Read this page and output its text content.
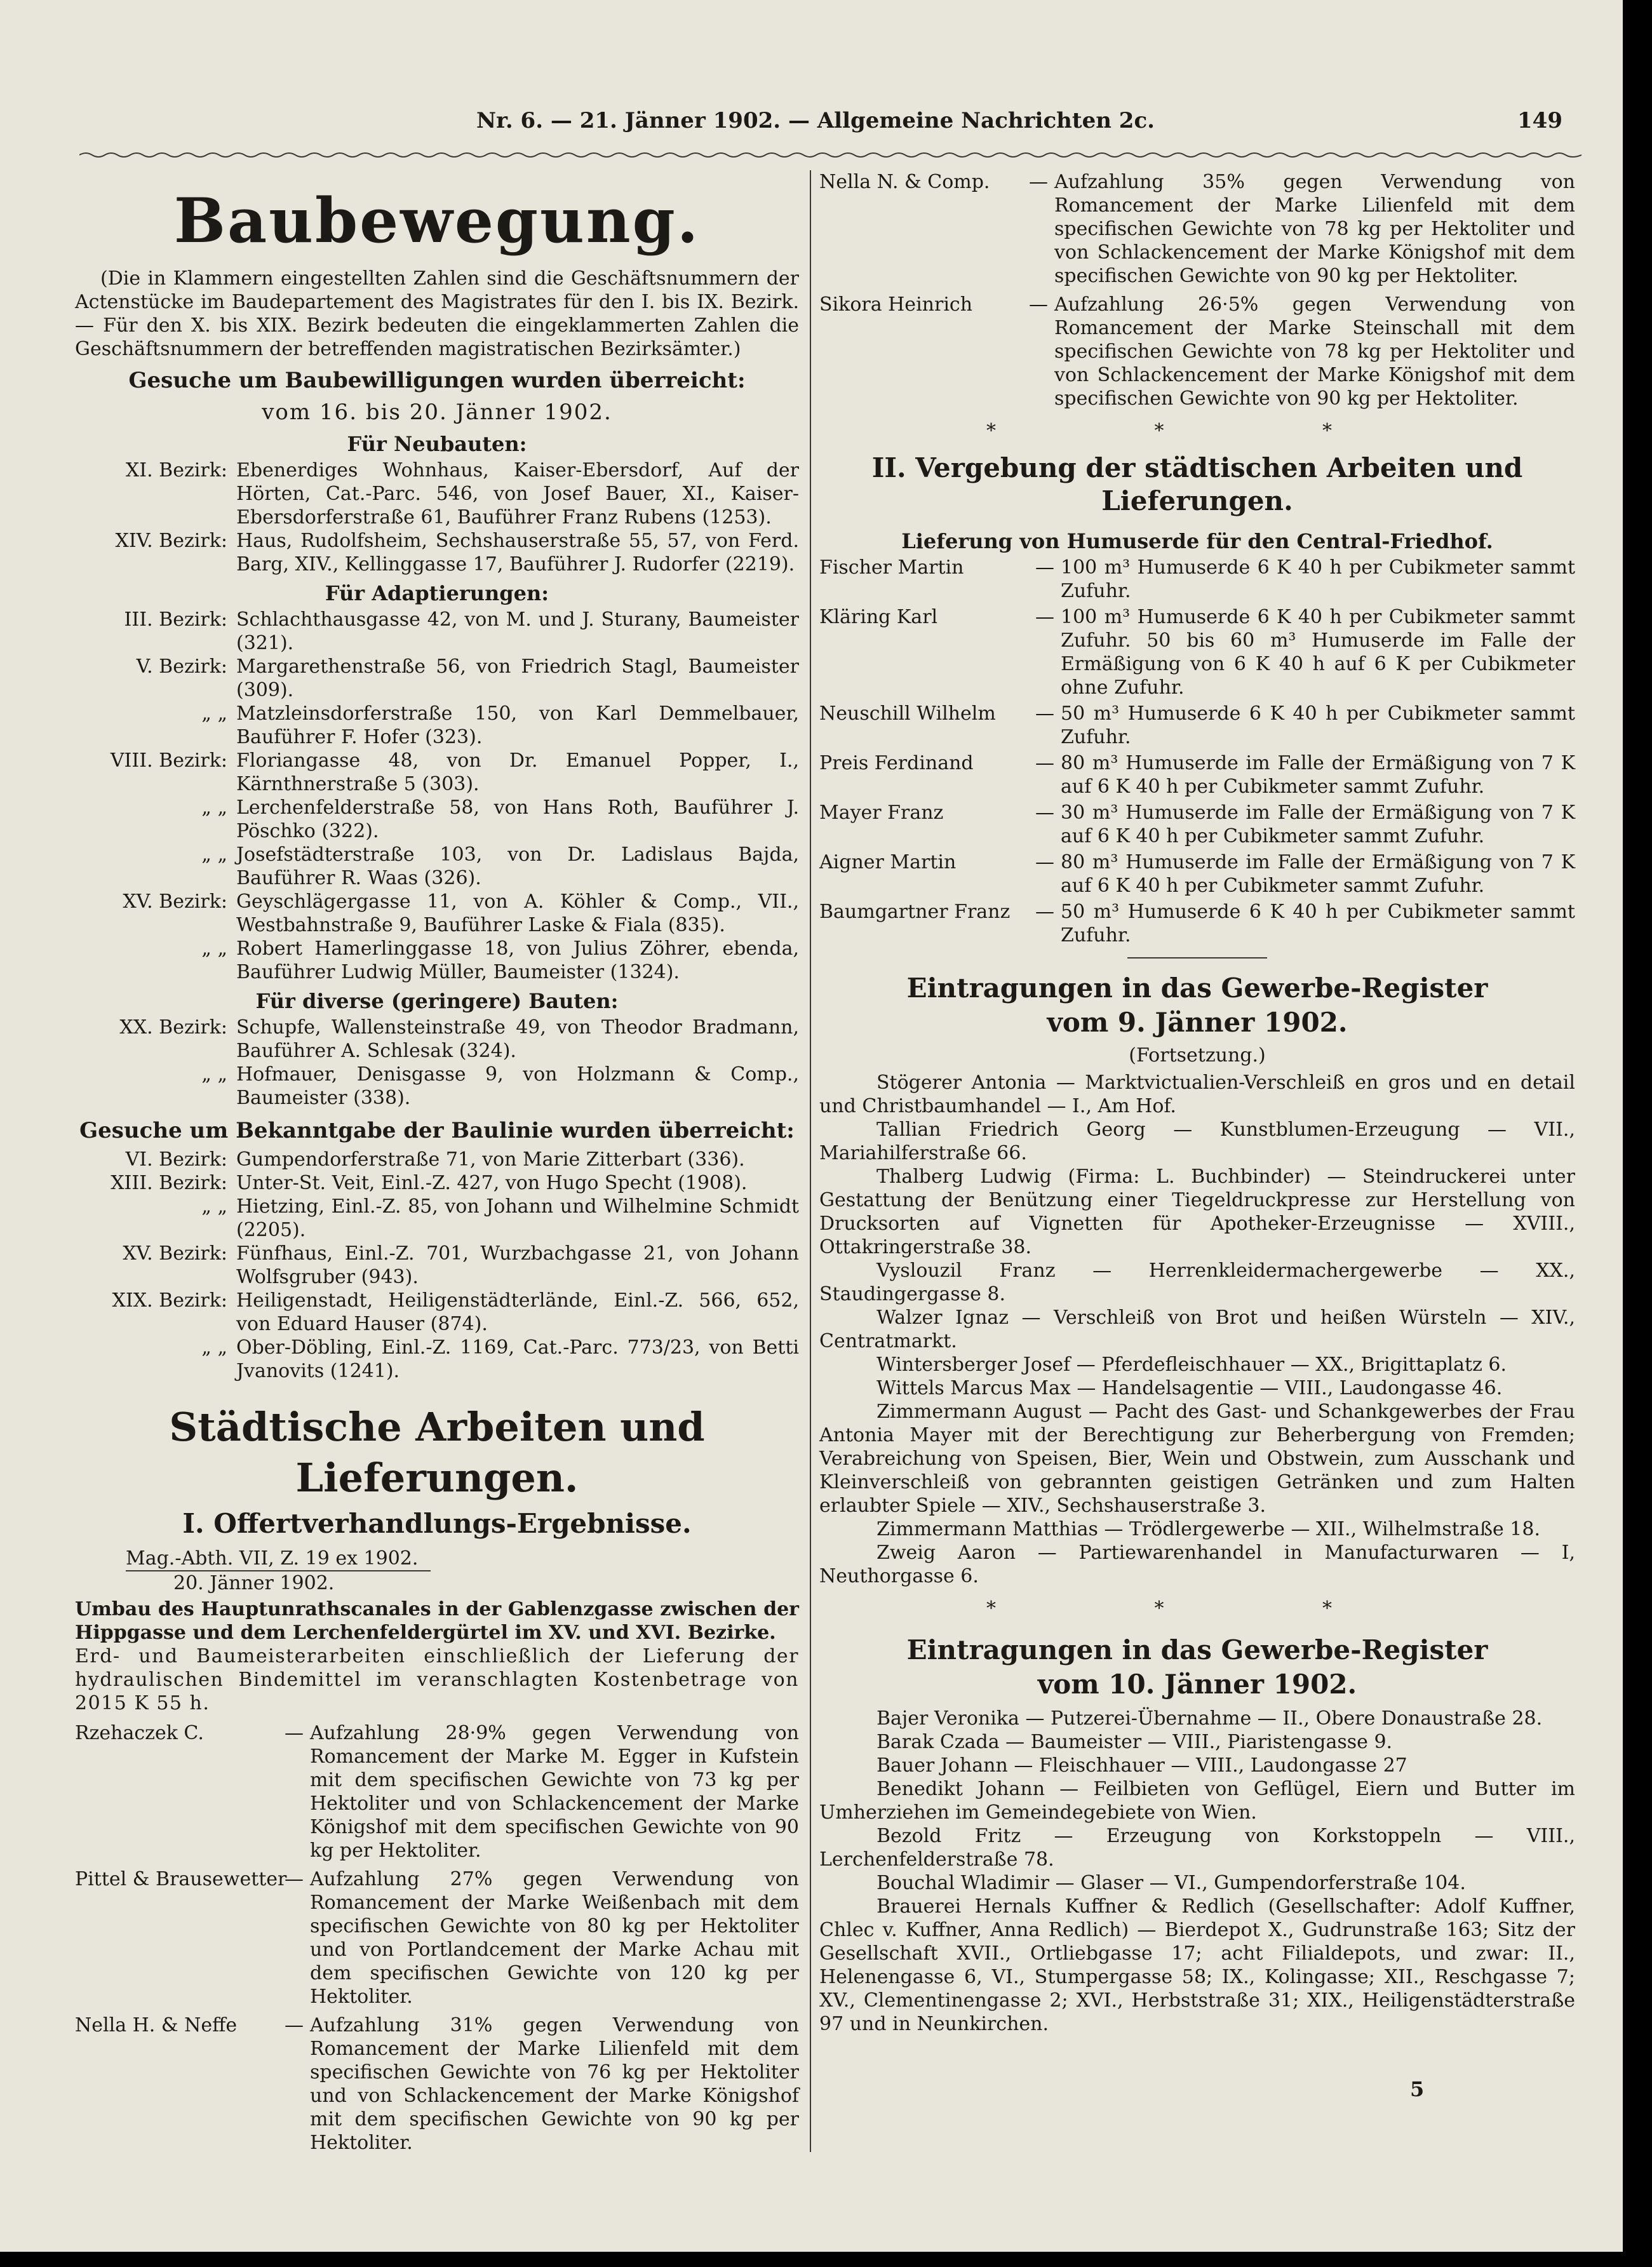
Nr. 6. — 21. Jänner 1902. — Allgemeine Nachrichten 2c.	149
Baubewegung.
(Die in Klammern eingestellten Zahlen sind die Geschäftsnummern der Actenstücke im Baudepartement des Magistrates für den I. bis IX. Bezirk. — Für den X. bis XIX. Bezirk bedeuten die eingeklammerten Zahlen die Geschäftsnummern der betreffenden magistratischen Bezirksämter.)
Gesuche um Baubewilligungen wurden überreicht:
vom 16. bis 20. Jänner 1902.
Für Neubauten:
XI. Bezirk: Ebenerdiges Wohnhaus, Kaiser-Ebersdorf, Auf der Hörten, Cat.-Parc. 546, von Josef Bauer, XI., Kaiser-Ebersdorferstraße 61, Bauführer Franz Rubens (1253).
XIV. Bezirk: Haus, Rudolfsheim, Sechshauserstraße 55, 57, von Ferd. Barg, XIV., Kellinggasse 17, Bauführer J. Rudorfer (2219).
Für Adaptierungen:
III. Bezirk: Schlachthausgasse 42, von M. und J. Sturany, Baumeister (321).
V. Bezirk: Margarethenstraße 56, von Friedrich Stagl, Baumeister (309).
„ „ Matzleinsdorferstraße 150, von Karl Demmelbauer, Bauführer F. Hofer (323).
VIII. Bezirk: Floriangasse 48, von Dr. Emanuel Popper, I., Kärnthnerstraße 5 (303).
„ „ Lerchenfelderstraße 58, von Hans Roth, Bauführer J. Pöschko (322).
„ „ Josefstädterstraße 103, von Dr. Ladislaus Bajda, Bauführer R. Waas (326).
XV. Bezirk: Geyschlägergasse 11, von A. Köhler & Comp., VII., Westbahnstraße 9, Bauführer Laske & Fiala (835).
„ „ Robert Hamerlinggasse 18, von Julius Zöhrer, ebenda, Bauführer Ludwig Müller, Baumeister (1324).
Für diverse (geringere) Bauten:
XX. Bezirk: Schupfe, Wallensteinstraße 49, von Theodor Bradmann, Bauführer A. Schlesak (324).
„ „ Hofmauer, Denisgasse 9, von Holzmann & Comp., Baumeister (338).
Gesuche um Bekanntgabe der Baulinie wurden überreicht:
VI. Bezirk: Gumpendorferstraße 71, von Marie Zitterbart (336).
XIII. Bezirk: Unter-St. Veit, Einl.-Z. 427, von Hugo Specht (1908).
„ „ Hietzing, Einl.-Z. 85, von Johann und Wilhelmine Schmidt (2205).
XV. Bezirk: Fünfhaus, Einl.-Z. 701, Wurzbachgasse 21, von Johann Wolfsgruber (943).
XIX. Bezirk: Heiligenstadt, Heiligenstädterlände, Einl.-Z. 566, 652, von Eduard Hauser (874).
„ „ Ober-Döbling, Einl.-Z. 1169, Cat.-Parc. 773/23, von Betti Jvanovits (1241).
Städtische Arbeiten und Lieferungen.
I. Offertverhandlungs-Ergebnisse.
Mag.-Abth. VII, Z. 19 ex 1902.
20. Jänner 1902.
Umbau des Hauptunrathscanales in der Gablenzgasse zwischen der Hippgasse und dem Lerchenfeldergürtel im XV. und XVI. Bezirke.
Erd- und Baumeisterarbeiten einschließlich der Lieferung der hydraulischen Bindemittel im veranschlagten Kostenbetrage von 2015 K 55 h.
Rzehaczek C.	— Aufzahlung 28·9% gegen Verwendung von Romancement der Marke M. Egger in Kufstein mit dem specifischen Gewichte von 73 kg per Hektoliter und von Schlackencement der Marke Königshof mit dem specifischen Gewichte von 90 kg per Hektoliter.
Pittel & Brausewetter
— Aufzahlung 27% gegen Verwendung von Romancement der Marke Weißenbach mit dem specifischen Gewichte von 80 kg per Hektoliter und von Portlandcement der Marke Achau mit dem specifischen Gewichte von 120 kg per Hektoliter.
Nella H. & Neffe	— Aufzahlung 31% gegen Verwendung von Romancement der Marke Lilienfeld mit dem specifischen Gewichte von 76 kg per Hektoliter und von Schlackencement der Marke Königshof mit dem specifischen Gewichte von 90 kg per Hektoliter.
Nella N. & Comp.	— Aufzahlung 35% gegen Verwendung von Romancement der Marke Lilienfeld mit dem specifischen Gewichte von 78 kg per Hektoliter und von Schlackencement der Marke Königshof mit dem specifischen Gewichte von 90 kg per Hektoliter.
Sikora Heinrich	— Aufzahlung 26·5% gegen Verwendung von Romancement der Marke Steinschall mit dem specifischen Gewichte von 78 kg per Hektoliter und von Schlackencement der Marke Königshof mit dem specifischen Gewichte von 90 kg per Hektoliter.
* * *
II. Vergebung der städtischen Arbeiten und Lieferungen.
Lieferung von Humuserde für den Central-Friedhof.
Fischer Martin	— 100 m³ Humuserde 6 K 40 h per Cubikmeter sammt Zufuhr.
Kläring Karl	— 100 m³ Humuserde 6 K 40 h per Cubikmeter sammt Zufuhr. 50 bis 60 m³ Humuserde im Falle der Ermäßigung von 6 K 40 h auf 6 K per Cubikmeter ohne Zufuhr.
Neuschill Wilhelm	— 50 m³ Humuserde 6 K 40 h per Cubikmeter sammt Zufuhr.
Preis Ferdinand	— 80 m³ Humuserde im Falle der Ermäßigung von 7 K auf 6 K 40 h per Cubikmeter sammt Zufuhr.
Mayer Franz	— 30 m³ Humuserde im Falle der Ermäßigung von 7 K auf 6 K 40 h per Cubikmeter sammt Zufuhr.
Aigner Martin	— 80 m³ Humuserde im Falle der Ermäßigung von 7 K auf 6 K 40 h per Cubikmeter sammt Zufuhr.
Baumgartner Franz	— 50 m³ Humuserde 6 K 40 h per Cubikmeter sammt Zufuhr.
Eintragungen in das Gewerbe-Register
vom 9. Jänner 1902.
(Fortsetzung.)
Stögerer Antonia — Marktvictualien-Verschleiß en gros und en detail und Christbaumhandel — I., Am Hof.
Tallian Friedrich Georg — Kunstblumen-Erzeugung — VII., Mariahilferstraße 66.
Thalberg Ludwig (Firma: L. Buchbinder) — Steindruckerei unter Gestattung der Benützung einer Tiegeldruckpresse zur Herstellung von Drucksorten auf Vignetten für Apotheker-Erzeugnisse — XVIII., Ottakringerstraße 38.
Vyslouzil Franz — Herrenkleidermachergewerbe — XX., Staudingergasse 8.
Walzer Ignaz — Verschleiß von Brot und heißen Würsteln — XIV., Centratmarkt.
Wintersberger Josef — Pferdefleischhauer — XX., Brigittaplatz 6.
Wittels Marcus Max — Handelsagentie — VIII., Laudongasse 46.
Zimmermann August — Pacht des Gast- und Schankgewerbes der Frau Antonia Mayer mit der Berechtigung zur Beherbergung von Fremden; Verabreichung von Speisen, Bier, Wein und Obstwein, zum Ausschank und Kleinverschleiß von gebrannten geistigen Getränken und zum Halten erlaubter Spiele — XIV., Sechshauserstraße 3.
Zimmermann Matthias — Trödlergewerbe — XII., Wilhelmstraße 18.
Zweig Aaron — Partiewarenhandel in Manufacturwaren — I, Neuthorgasse 6.
* * *
Eintragungen in das Gewerbe-Register
vom 10. Jänner 1902.
Bajer Veronika — Putzerei-Übernahme — II., Obere Donaustraße 28.
Barak Czada — Baumeister — VIII., Piaristengasse 9.
Bauer Johann — Fleischhauer — VIII., Laudongasse 27
Benedikt Johann — Feilbieten von Geflügel, Eiern und Butter im Umherziehen im Gemeindegebiete von Wien.
Bezold Fritz — Erzeugung von Korkstoppeln — VIII., Lerchenfelderstraße 78.
Bouchal Wladimir — Glaser — VI., Gumpendorferstraße 104.
Brauerei Hernals Kuffner & Redlich (Gesellschafter: Adolf Kuffner, Chlec v. Kuffner, Anna Redlich) — Bierdepot X., Gudrunstraße 163; Sitz der Gesellschaft XVII., Ortliebgasse 17; acht Filialdepots, und zwar: II., Helenengasse 6, VI., Stumpergasse 58; IX., Kolingasse; XII., Reschgasse 7; XV., Clementinengasse 2; XVI., Herbststraße 31; XIX., Heiligenstädterstraße 97 und in Neunkirchen.
5
